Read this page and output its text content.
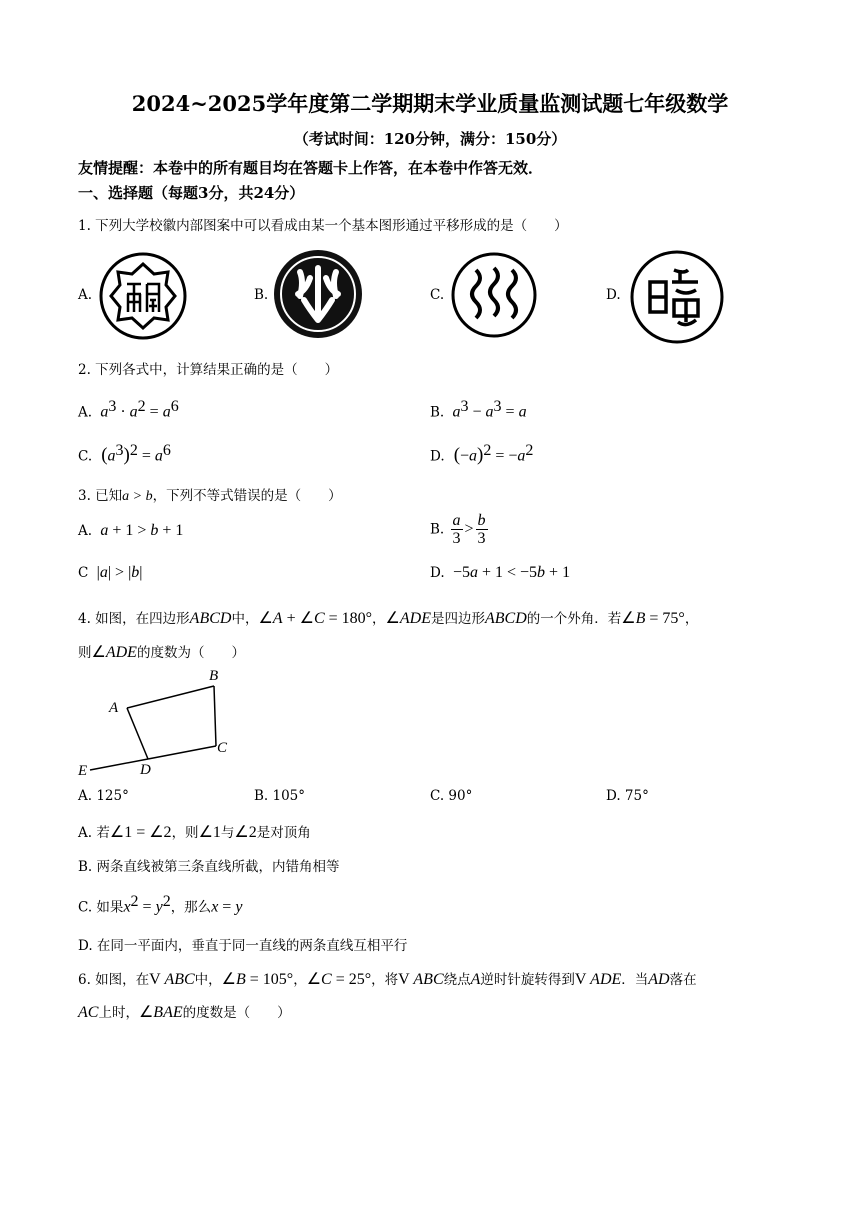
2024~2025学年度第二学期期末学业质量监测试题七年级数学
（考试时间：120分钟，满分：150分）
友情提醒：本卷中的所有题目均在答题卡上作答，在本卷中作答无效．
一、选择题（每题3分，共24分）
1. 下列大学校徽内部图案中可以看成由某一个基本图形通过平移形成的是（　　）
A.	B.	C.	D.
2. 下列各式中，计算结果正确的是（　　）
A.  $a^3 \cdot a^2 = a^6$	B.  $a^3 - a^3 = a$
C.  $(a^3)^2 = a^6$	D.  $(-a)^2 = -a^2$
3. 已知a > b，下列不等式错误的是（　　）
A.  a + 1 > b + 1	B. $\frac{a}{3} > \frac{b}{3}$
C  |a| > |b|	D.  −5a + 1 < −5b + 1
4. 如图，在四边形ABCD中，∠A + ∠C = 180°，∠ADE是四边形ABCD的一个外角．若∠B = 75°，
则∠ADE的度数为（　　）
A
B
C
D
E
A. 125°	B. 105°	C. 90°	D. 75°
A. 若∠1 = ∠2，则∠1与∠2是对顶角
B. 两条直线被第三条直线所截，内错角相等
C. 如果$x^2 = y^2$，那么x = y
D. 在同一平面内，垂直于同一直线的两条直线互相平行
6. 如图，在V ABC中，∠B = 105°，∠C = 25°，将V ABC绕点A逆时针旋转得到V ADE．当AD落在
AC上时，∠BAE的度数是（　　）
